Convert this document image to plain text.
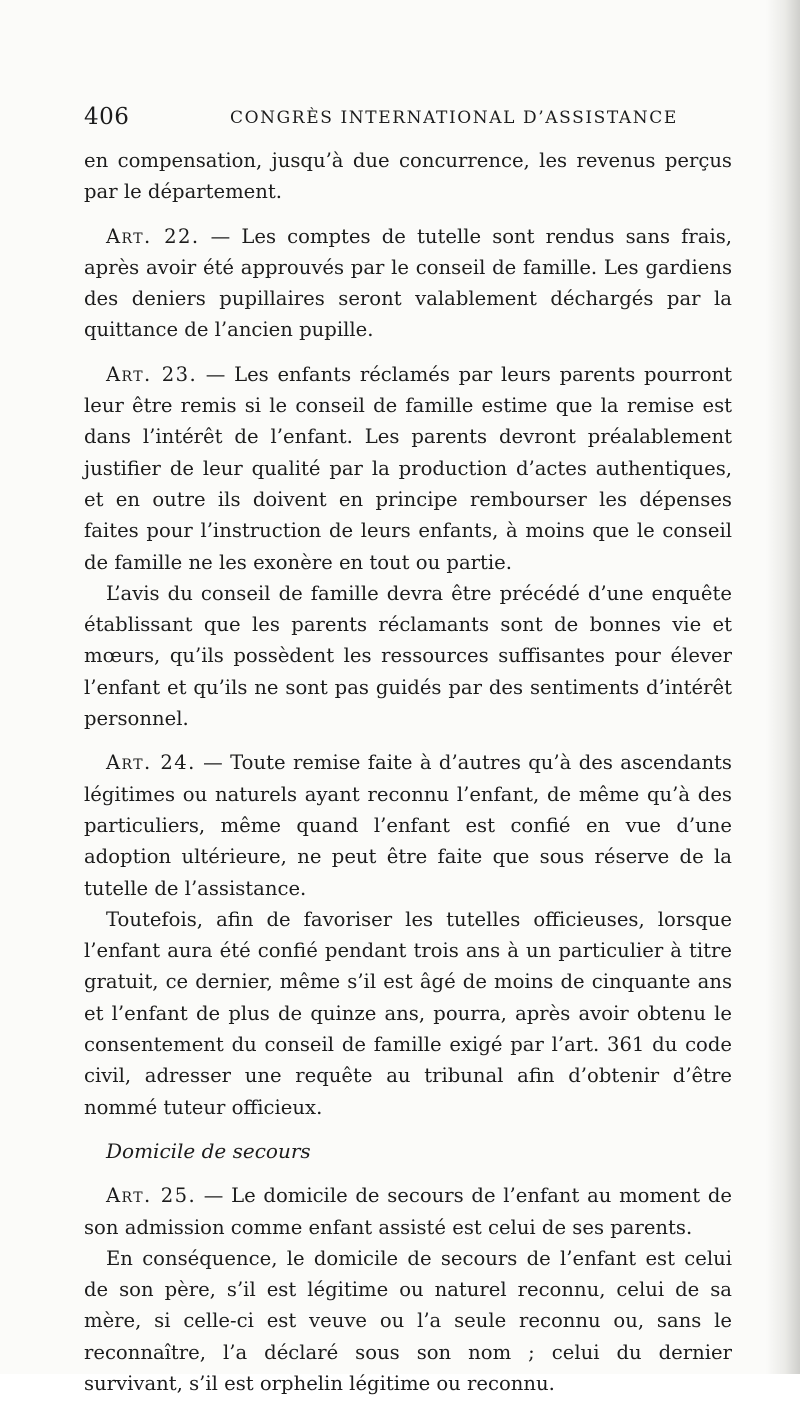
406	CONGRÈS INTERNATIONAL D’ASSISTANCE

en compensation, jusqu’à due concurrence, les revenus perçus par le département.

Art. 22. — Les comptes de tutelle sont rendus sans frais, après avoir été approuvés par le conseil de famille. Les gardiens des deniers pupillaires seront valablement déchargés par la quittance de l’ancien pupille.

Art. 23. — Les enfants réclamés par leurs parents pourront leur être remis si le conseil de famille estime que la remise est dans l’intérêt de l’enfant. Les parents devront préalablement justifier de leur qualité par la production d’actes authentiques, et en outre ils doivent en principe rembourser les dépenses faites pour l’instruction de leurs enfants, à moins que le conseil de famille ne les exonère en tout ou partie.

L’avis du conseil de famille devra être précédé d’une enquête établissant que les parents réclamants sont de bonnes vie et mœurs, qu’ils possèdent les ressources suffisantes pour élever l’enfant et qu’ils ne sont pas guidés par des sentiments d’intérêt personnel.

Art. 24. — Toute remise faite à d’autres qu’à des ascendants légitimes ou naturels ayant reconnu l’enfant, de même qu’à des particuliers, même quand l’enfant est confié en vue d’une adoption ultérieure, ne peut être faite que sous réserve de la tutelle de l’assistance.

Toutefois, afin de favoriser les tutelles officieuses, lorsque l’enfant aura été confié pendant trois ans à un particulier à titre gratuit, ce dernier, même s’il est âgé de moins de cinquante ans et l’enfant de plus de quinze ans, pourra, après avoir obtenu le consentement du conseil de famille exigé par l’art. 361 du code civil, adresser une requête au tribunal afin d’obtenir d’être nommé tuteur officieux.

Domicile de secours

Art. 25. — Le domicile de secours de l’enfant au moment de son admission comme enfant assisté est celui de ses parents.

En conséquence, le domicile de secours de l’enfant est celui de son père, s’il est légitime ou naturel reconnu, celui de sa mère, si celle-ci est veuve ou l’a seule reconnu ou, sans le reconnaître, l’a déclaré sous son nom ; celui du dernier survivant, s’il est orphelin légitime ou reconnu.
